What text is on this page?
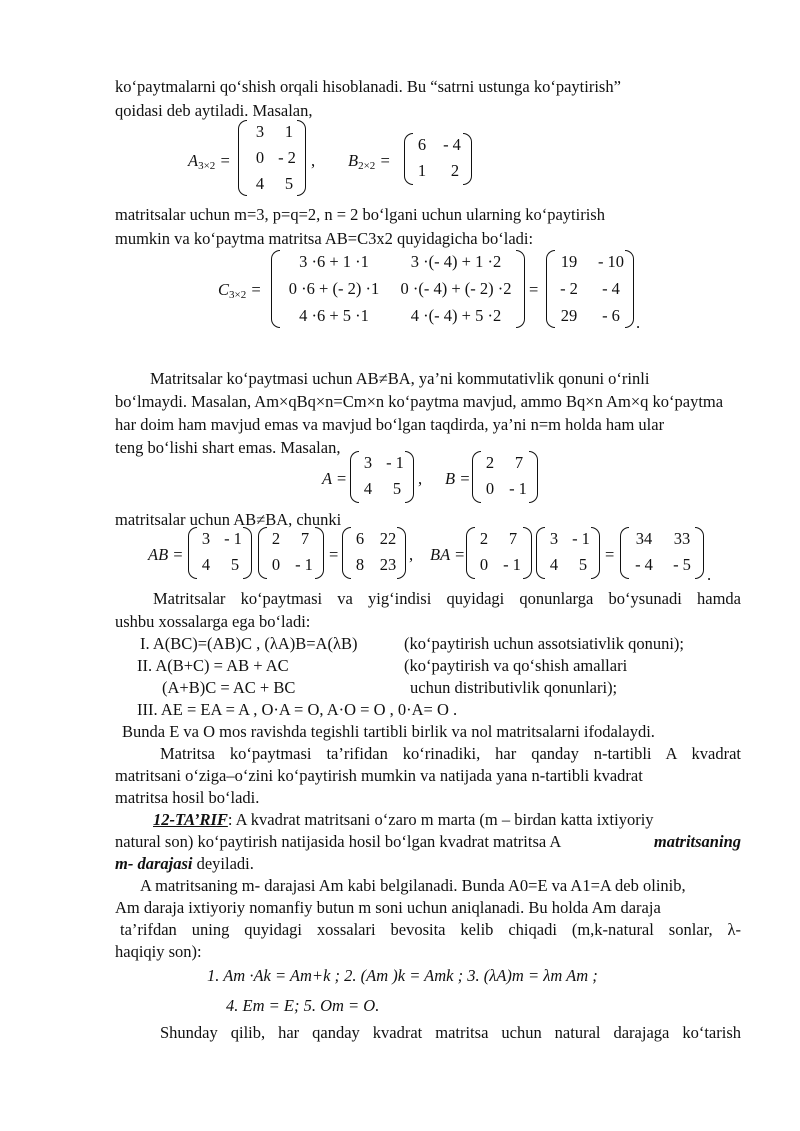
ko‘paytmalarni qo‘shish orqali hisoblanadi. Bu “satrni ustunga ko‘paytirish”
qoidasi deb aytiladi. Masalan,
$A_{3\times 2}$ =
3	1
0 - 2
4	5
, $B_{2\times 2}$ =
6	- 4
1	2
matritsalar uchun m=3, p=q=2, n = 2 bo‘lgani uchun ularning ko‘paytirish
mumkin va ko‘paytma matritsa AB=C3x2 quyidagicha bo‘ladi:
$C_{3\times 2}$ =
3 ·6 + 1 ·1	3 ·(- 4) + 1 ·2
0 ·6 + (- 2) ·1	0 ·(- 4) + (- 2) ·2
4 ·6 + 5 ·1	4 ·(- 4) + 5 ·2
=
19	- 10
- 2	- 4
29	- 6 .
Matritsalar ko‘paytmasi uchun AB≠BA, ya’ni kommutativlik qonuni o‘rinli
bo‘lmaydi. Masalan, Am×qBq×n=Cm×n ko‘paytma mavjud, ammo Bq×n Am×q ko‘paytma
har doim ham mavjud emas va mavjud bo‘lgan taqdirda, ya’ni n=m holda ham ular
teng bo‘lishi shart emas. Masalan,
A =
3 - 1
4	5
, B =
2	7
0 - 1
matritsalar uchun AB≠BA, chunki
AB =
3 - 1
4	5
2	7
0 - 1
=
6 22
8 23
, BA =
2	7
0 - 1
3 - 1
4	5
=
34	33
- 4	- 5
.
Matritsalar ko‘paytmasi va yig‘indisi quyidagi qonunlarga bo‘ysunadi hamda
ushbu xossalarga ega bo‘ladi:
I. A(BC)=(AB)C , (λA)B=A(λB)	(ko‘paytirish uchun assotsiativlik qonuni);
II. A(B+C) = AB + AC	(ko‘paytirish va qo‘shish amallari
(A+B)C = AC + BC	uchun distributivlik qonunlari);
III. AE = EA = A , O·A = O, A·O = O , 0·A= O .
Bunda E va O mos ravishda tegishli tartibli birlik va nol matritsalarni ifodalaydi.
Matritsa ko‘paytmasi ta’rifidan ko‘rinadiki, har qanday n-tartibli A kvadrat
matritsani o‘ziga–o‘zini ko‘paytirish mumkin va natijada yana n-tartibli kvadrat
matritsa hosil bo‘ladi.
12-TA’RIF: A kvadrat matritsani o‘zaro m marta (m – birdan katta ixtiyoriy
natural son) ko‘paytirish natijasida hosil bo‘lgan kvadrat matritsa A	matritsaning
m- darajasi deyiladi.
A matritsaning m- darajasi Am kabi belgilanadi. Bunda A0=E va A1=A deb olinib,
Am daraja ixtiyoriy nomanfiy butun m soni uchun aniqlanadi. Bu holda Am daraja
ta’rifdan uning quyidagi xossalari bevosita kelib chiqadi (m,k-natural sonlar, λ-
haqiqiy son):
1. Am ·Ak = Am+k ; 2. (Am )k = Amk ; 3. (λA)m = λm Am ;
4. Em = E; 5. Om = O.
Shunday qilib, har qanday kvadrat matritsa uchun natural darajaga ko‘tarish
